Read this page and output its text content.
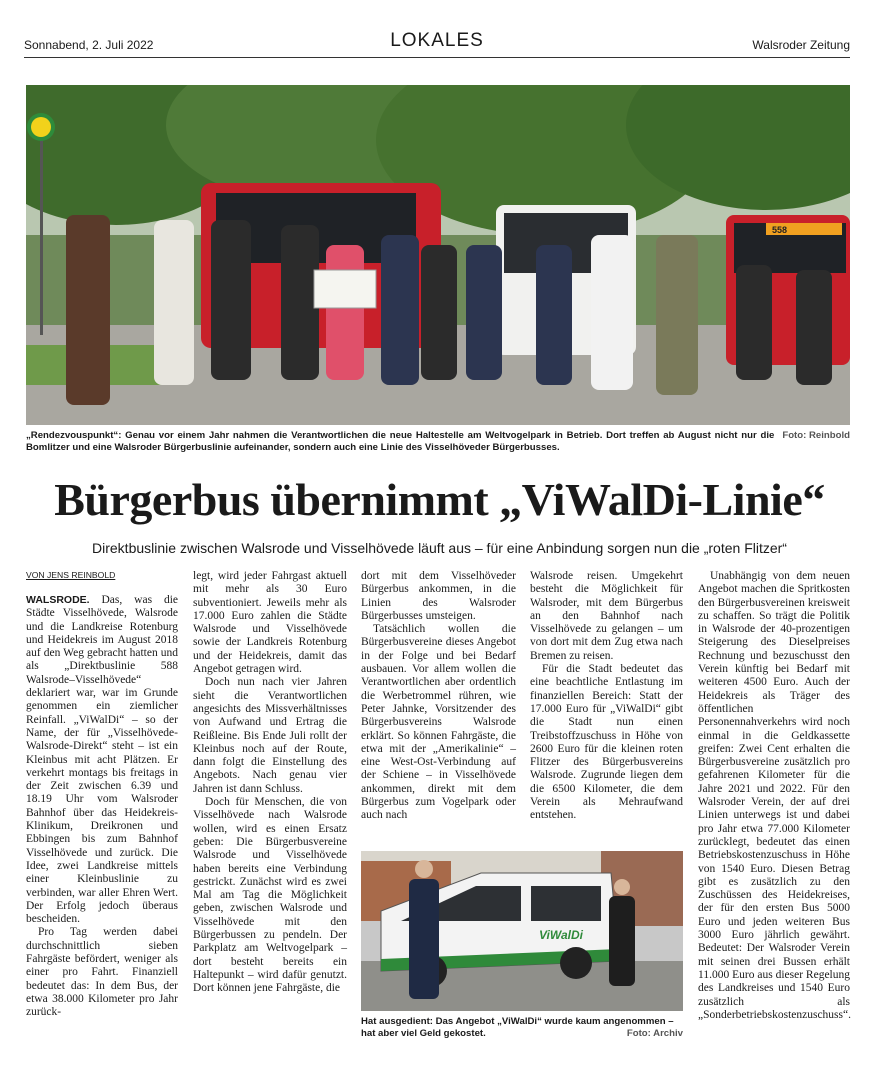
Sonnabend, 2. Juli 2022	LOKALES	Walsroder Zeitung
558
Foto: Reinbold
„Rendezvouspunkt“: Genau vor einem Jahr nahmen die Verantwortlichen die neue Haltestelle am Weltvogelpark in Betrieb. Dort treffen ab August nicht nur die Bomlitzer und eine Walsroder Bürgerbuslinie aufeinander, sondern auch eine Linie des Visselhöveder Bürgerbusses.
Bürgerbus übernimmt „ViWalDi-Linie“
Direktbuslinie zwischen Walsrode und Visselhövede läuft aus – für eine Anbindung sorgen nun die „roten Flitzer“
VON JENS REINBOLD

WALSRODE. Das, was die Städte Visselhövede, Walsrode und die Landkreise Rotenburg und Heidekreis im August 2018 auf den Weg gebracht hatten und als „Direktbuslinie 588 Walsrode–Visselhövede“ deklariert war, war im Grunde genommen ein ziemlicher Reinfall. „ViWalDi“ – so der Name, der für „Visselhövede-Walsrode-Direkt“ steht – ist ein Kleinbus mit acht Plätzen. Er verkehrt montags bis freitags in der Zeit zwischen 6.39 und 18.19 Uhr vom Walsroder Bahnhof über das Heidekreis-Klinikum, Dreikronen und Ebbingen bis zum Bahnhof Visselhövede und zurück. Die Idee, zwei Landkreise mittels einer Kleinbuslinie zu verbinden, war aller Ehren Wert. Der Erfolg jedoch überaus bescheiden.

Pro Tag werden dabei durchschnittlich sieben Fahrgäste befördert, weniger als einer pro Fahrt. Finanziell bedeutet das: In dem Bus, der etwa 38.000 Kilometer pro Jahr zurück-

legt, wird jeder Fahrgast aktuell mit mehr als 30 Euro subventioniert. Jeweils mehr als 17.000 Euro zahlen die Städte Walsrode und Visselhövede sowie der Landkreis Rotenburg und der Heidekreis, damit das Angebot getragen wird.

Doch nun nach vier Jahren sieht die Verantwortlichen angesichts des Missverhältnisses von Aufwand und Ertrag die Reißleine. Bis Ende Juli rollt der Kleinbus noch auf der Route, dann folgt die Einstellung des Angebots. Nach genau vier Jahren ist dann Schluss.

Doch für Menschen, die von Visselhövede nach Walsrode wollen, wird es einen Ersatz geben: Die Bürgerbusvereine Walsrode und Visselhövede haben bereits eine Verbindung gestrickt. Zunächst wird es zwei Mal am Tag die Möglichkeit geben, zwischen Walsrode und Visselhövede mit den Bürgerbussen zu pendeln. Der Parkplatz am Weltvogelpark – dort besteht bereits ein Haltepunkt – wird dafür genutzt. Dort können jene Fahrgäste, die

dort mit dem Visselhöveder Bürgerbus ankommen, in die Linien des Walsroder Bürgerbusses umsteigen.

Tatsächlich wollen die Bürgerbusvereine dieses Angebot in der Folge und bei Bedarf ausbauen. Vor allem wollen die Verantwortlichen aber ordentlich die Werbetrommel rühren, wie Peter Jahnke, Vorsitzender des Bürgerbusvereins Walsrode erklärt. So können Fahrgäste, die etwa mit der „Amerikalinie“ – eine West-Ost-Verbindung auf der Schiene – in Visselhövede ankommen, direkt mit dem Bürgerbus zum Vogelpark oder auch nach

Walsrode reisen. Umgekehrt besteht die Möglichkeit für Walsroder, mit dem Bürgerbus an den Bahnhof nach Visselhövede zu gelangen – um von dort mit dem Zug etwa nach Bremen zu reisen.

Für die Stadt bedeutet das eine beachtliche Entlastung im finanziellen Bereich: Statt der 17.000 Euro für „ViWalDi“ gibt die Stadt nun einen Treibstoffzuschuss in Höhe von 2600 Euro für die kleinen roten Flitzer des Bürgerbusvereins Walsrode. Zugrunde liegen dem die 6500 Kilometer, die dem Verein als Mehraufwand entstehen.

Unabhängig von dem neuen Angebot machen die Spritkosten den Bürgerbusvereinen kreisweit zu schaffen. So trägt die Politik in Walsrode der 40-prozentigen Steigerung des Dieselpreises Rechnung und bezuschusst den Verein künftig bei Bedarf mit weiteren 4500 Euro. Auch der Heidekreis als Träger des öffentlichen Personennahverkehrs wird noch einmal in die Geldkassette greifen: Zwei Cent erhalten die Bürgerbusvereine zusätzlich pro gefahrenen Kilometer für die Jahre 2021 und 2022. Für den Walsroder Verein, der auf drei Linien unterwegs ist und dabei pro Jahr etwa 77.000 Kilometer zurücklegt, bedeutet das einen Betriebskostenzuschuss in Höhe von 1540 Euro. Diesen Betrag gibt es zusätzlich zu den Zuschüssen des Heidekreises, der für den ersten Bus 5000 Euro und jeden weiteren Bus 3000 Euro jährlich gewährt. Bedeutet: Der Walsroder Verein mit seinen drei Bussen erhält 11.000 Euro aus dieser Regelung des Landkreises und 1540 Euro zusätzlich als „Sonderbetriebskostenzuschuss“.

ViWalDi
Hat ausgedient: Das Angebot „ViWalDi“ wurde kaum angenommen – hat aber viel Geld gekostet.	Foto: Archiv
